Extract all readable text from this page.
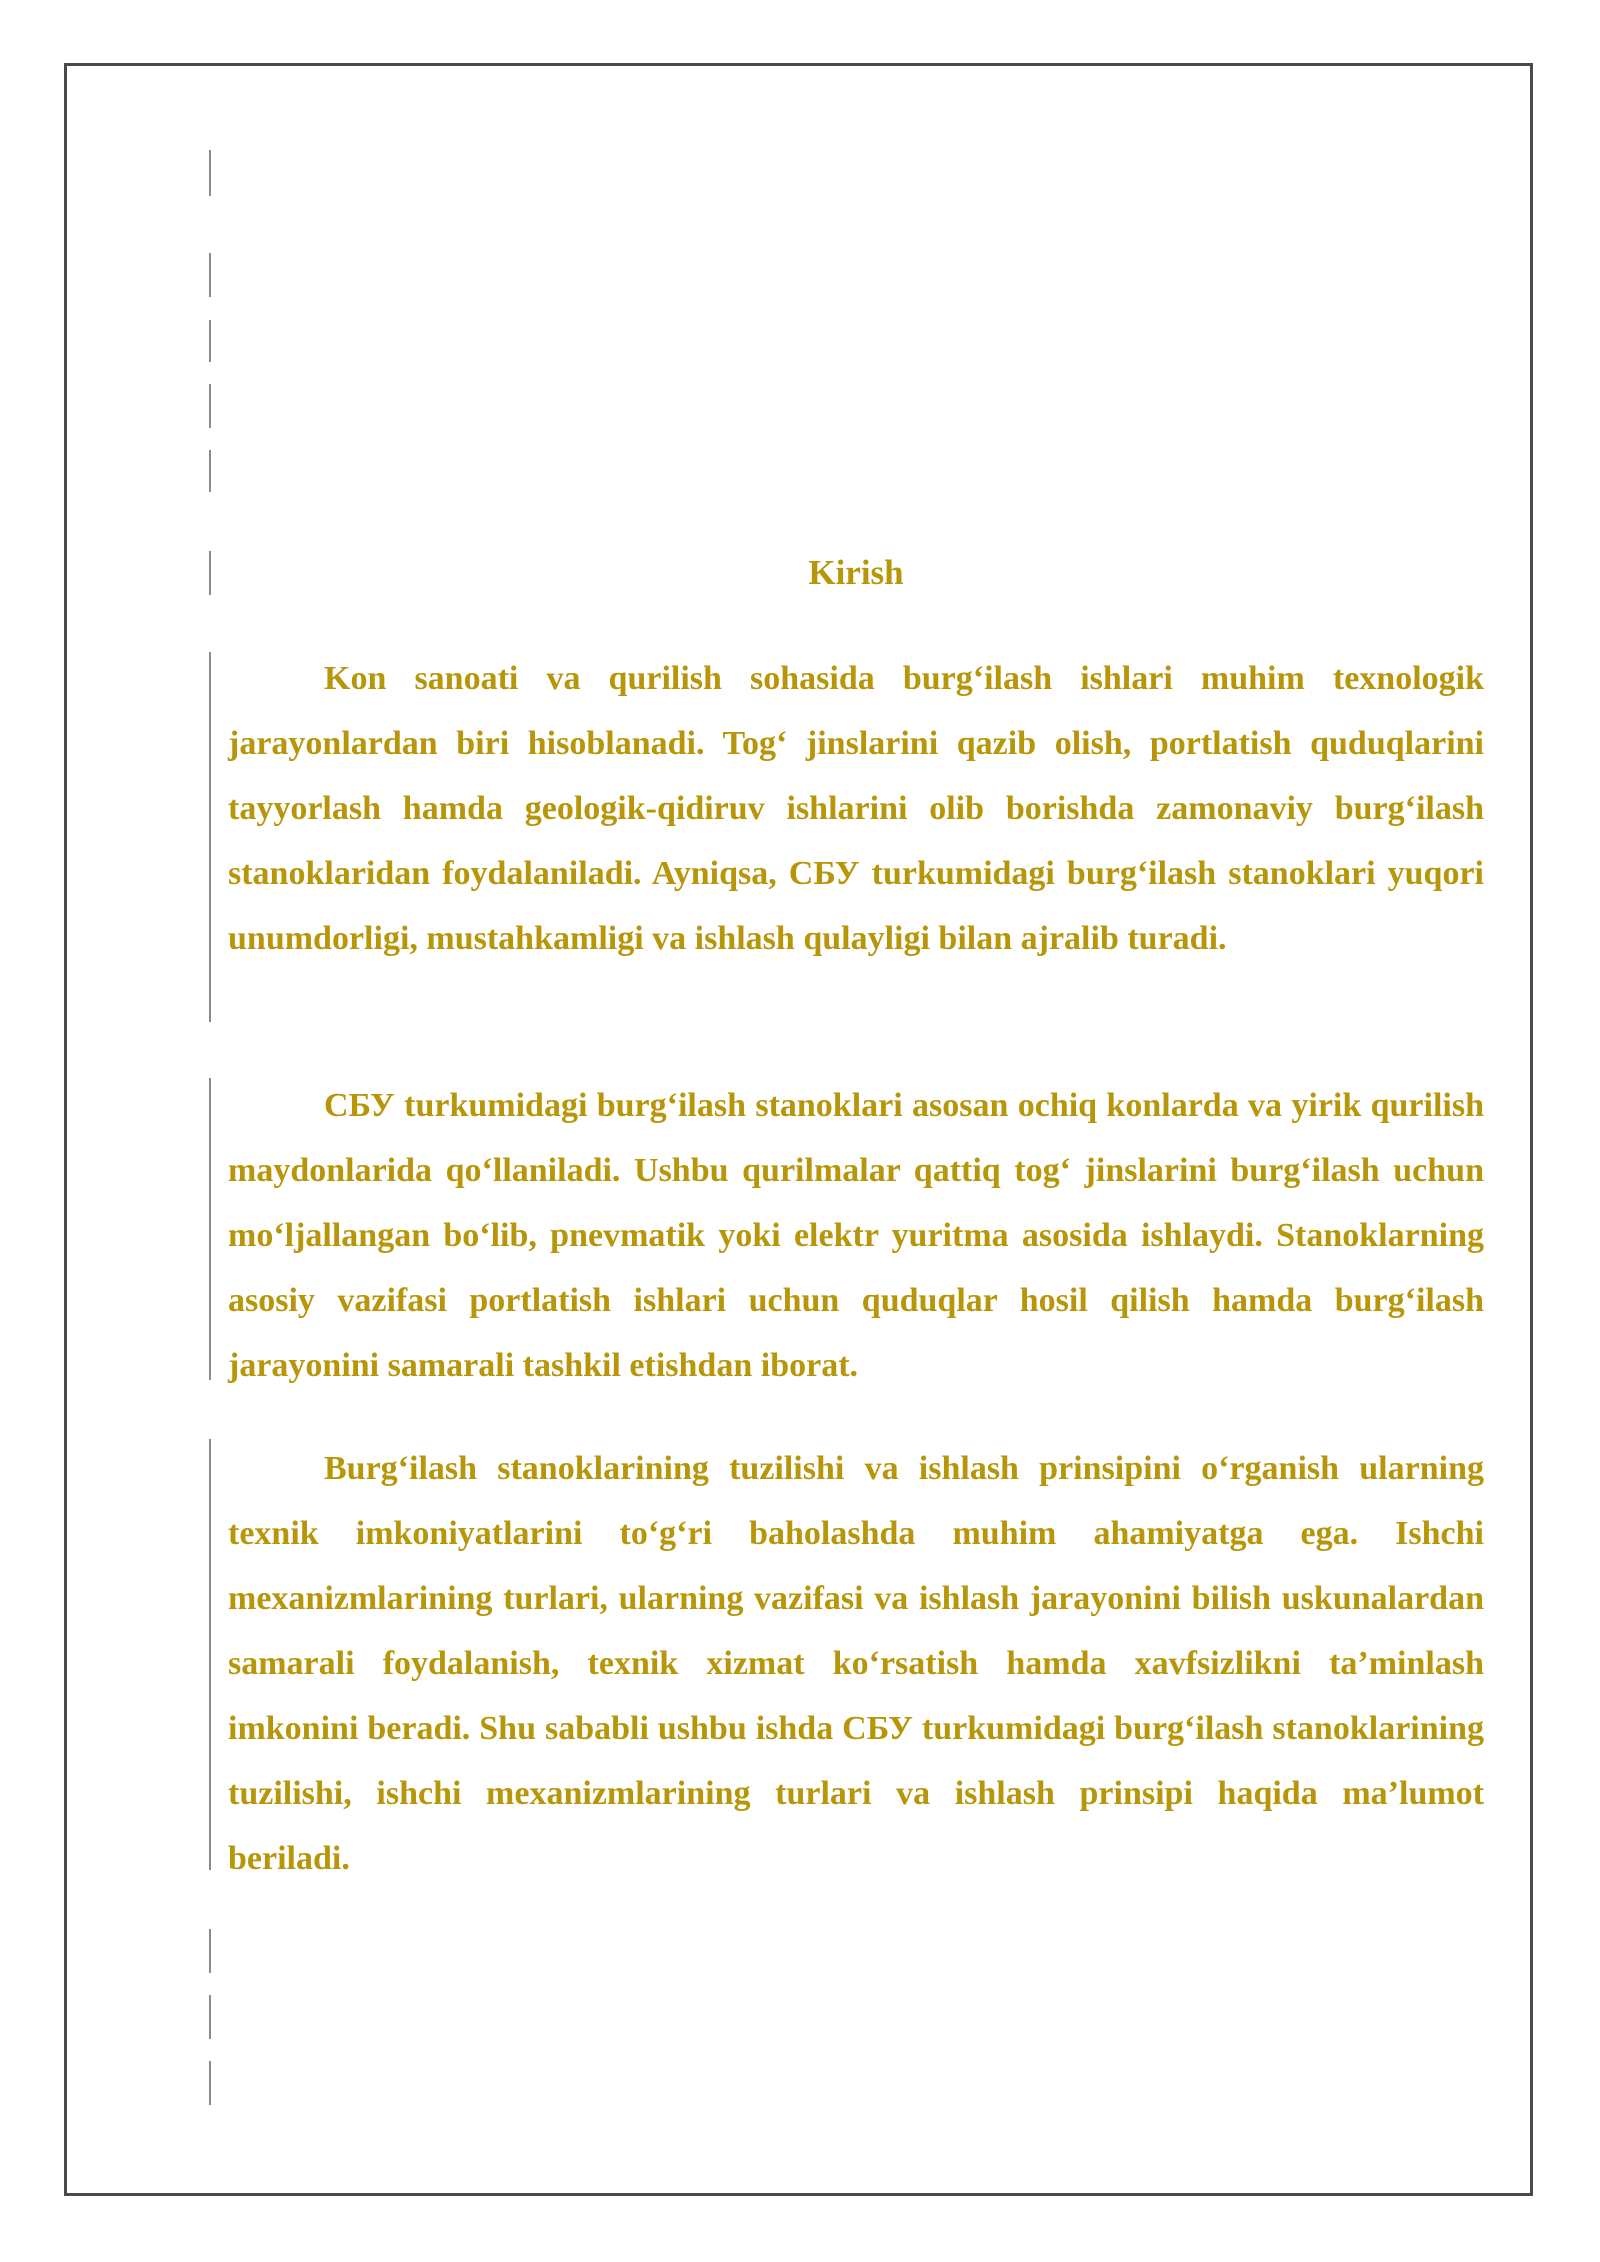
Kirish

Kon sanoati va qurilish sohasida burg‘ilash ishlari muhim texnologik jarayonlardan biri hisoblanadi. Tog‘ jinslarini qazib olish, portlatish quduqlarini tayyorlash hamda geologik-qidiruv ishlarini olib borishda zamonaviy burg‘ilash stanoklaridan foydalaniladi. Ayniqsa, СБУ turkumidagi burg‘ilash stanoklari yuqori unumdorligi, mustahkamligi va ishlash qulayligi bilan ajralib turadi.

СБУ turkumidagi burg‘ilash stanoklari asosan ochiq konlarda va yirik qurilish maydonlarida qo‘llaniladi. Ushbu qurilmalar qattiq tog‘ jinslarini burg‘ilash uchun mo‘ljallangan bo‘lib, pnevmatik yoki elektr yuritma asosida ishlaydi. Stanoklarning asosiy vazifasi portlatish ishlari uchun quduqlar hosil qilish hamda burg‘ilash jarayonini samarali tashkil etishdan iborat.

Burg‘ilash stanoklarining tuzilishi va ishlash prinsipini o‘rganish ularning texnik imkoniyatlarini to‘g‘ri baholashda muhim ahamiyatga ega. Ishchi mexanizmlarining turlari, ularning vazifasi va ishlash jarayonini bilish uskunalardan samarali foydalanish, texnik xizmat ko‘rsatish hamda xavfsizlikni ta’minlash imkonini beradi. Shu sababli ushbu ishda СБУ turkumidagi burg‘ilash stanoklarining tuzilishi, ishchi mexanizmlarining turlari va ishlash prinsipi haqida ma’lumot beriladi.
